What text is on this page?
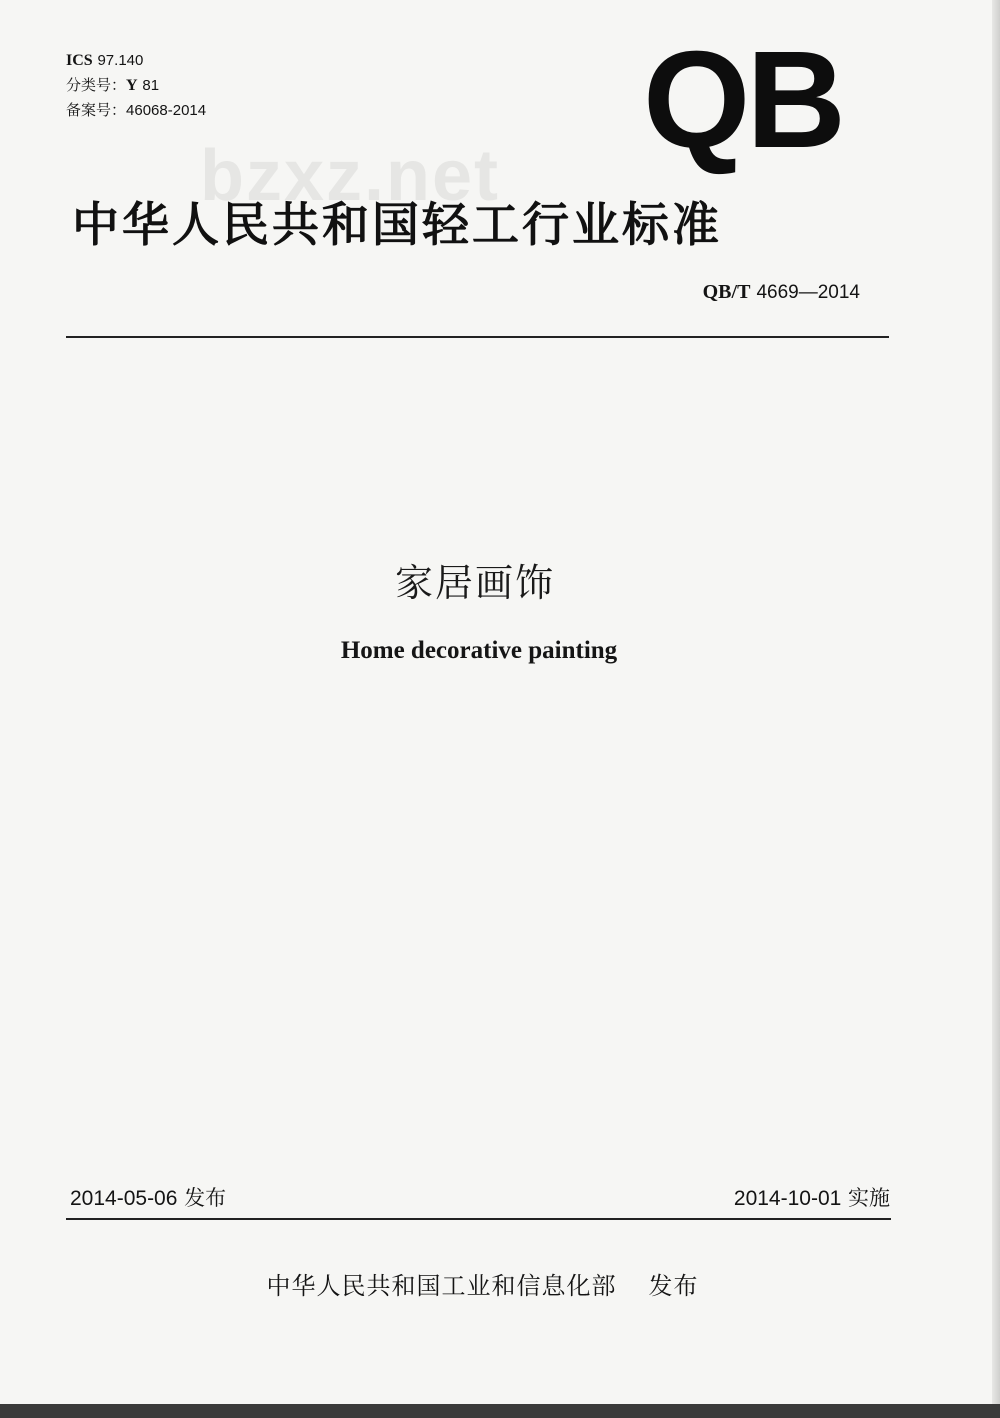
ICS 97.140
分类号：Y 81
备案号：46068-2014
bzxz.net QB
中华人民共和国轻工行业标准
QB/T 4669—2014
家居画饰
Home decorative painting
2014-05-06 发布	2014-10-01 实施
中华人民共和国工业和信息化部 发布
